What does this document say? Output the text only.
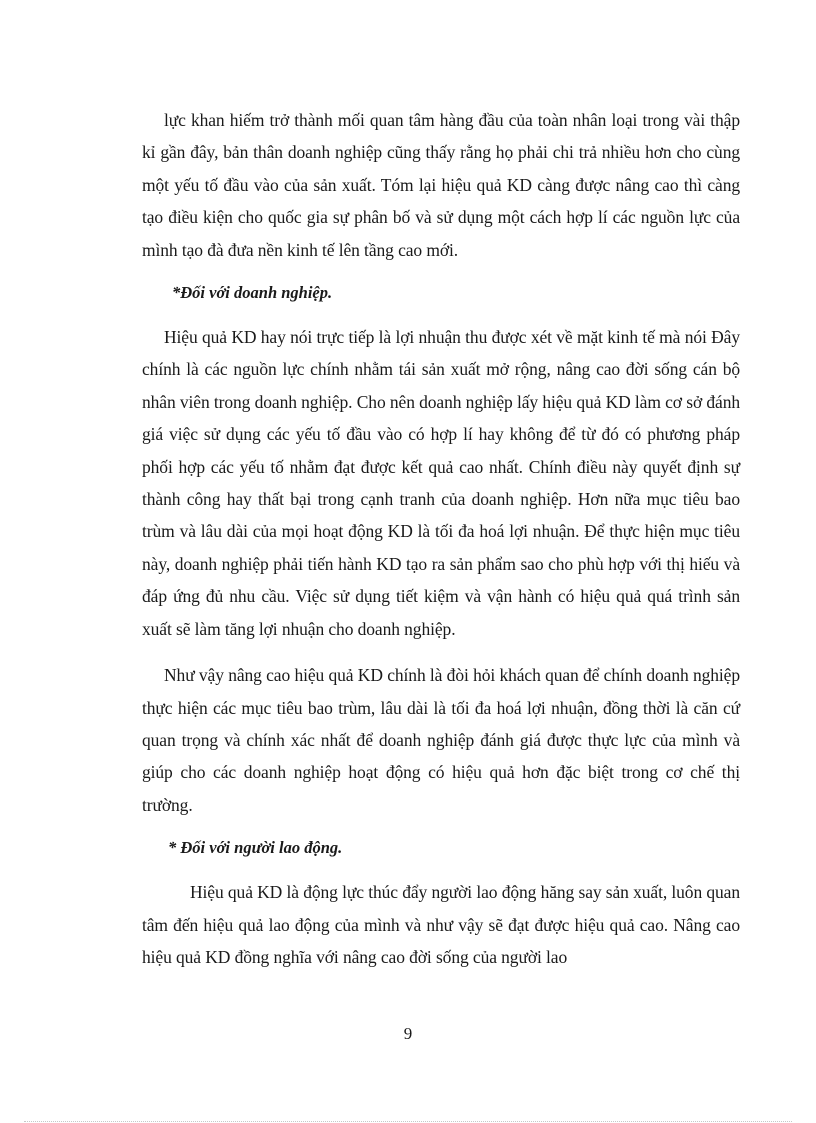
lực khan hiếm trở thành mối quan tâm hàng đầu của toàn nhân loại trong vài thập kỉ gần đây, bản thân doanh nghiệp cũng thấy rằng họ phải chi trả nhiều hơn cho cùng một yếu tố đầu vào của sản xuất. Tóm lại hiệu quả KD càng được nâng cao thì càng tạo điều kiện cho quốc gia sự phân bố và sử dụng một cách hợp lí các nguồn lực của mình tạo đà đưa nền kinh tế lên tầng cao mới.

*Đối với doanh nghiệp.

Hiệu quả KD hay nói trực tiếp là lợi nhuận thu được xét về mặt kinh tế mà nói Đây chính là các nguồn lực chính nhằm tái sản xuất mở rộng, nâng cao đời sống cán bộ nhân viên trong doanh nghiệp. Cho nên doanh nghiệp lấy hiệu quả KD làm cơ sở đánh giá việc sử dụng các yếu tố đầu vào có hợp lí hay không để từ đó có phương pháp phối hợp các yếu tố nhằm đạt được kết quả cao nhất. Chính điều này quyết định sự thành công hay thất bại trong cạnh tranh của doanh nghiệp. Hơn nữa mục tiêu bao trùm và lâu dài của mọi hoạt động KD là tối đa hoá lợi nhuận. Để thực hiện mục tiêu này, doanh nghiệp phải tiến hành KD tạo ra sản phẩm sao cho phù hợp với thị hiếu và đáp ứng đủ nhu cầu. Việc sử dụng tiết kiệm và vận hành có hiệu quả quá trình sản xuất sẽ làm tăng lợi nhuận cho doanh nghiệp.

Như vậy nâng cao hiệu quả KD chính là đòi hỏi khách quan để chính doanh nghiệp thực hiện các mục tiêu bao trùm, lâu dài là tối đa hoá lợi nhuận, đồng thời là căn cứ quan trọng và chính xác nhất để doanh nghiệp đánh giá được thực lực của mình và giúp cho các doanh nghiệp hoạt động có hiệu quả hơn đặc biệt trong cơ chế thị trường.

* Đối với người lao động.

Hiệu quả KD là động lực thúc đẩy người lao động hăng say sản xuất, luôn quan tâm đến hiệu quả lao động của mình và như vậy sẽ đạt được hiệu quả cao. Nâng cao hiệu quả KD đồng nghĩa với nâng cao đời sống của người lao

9
